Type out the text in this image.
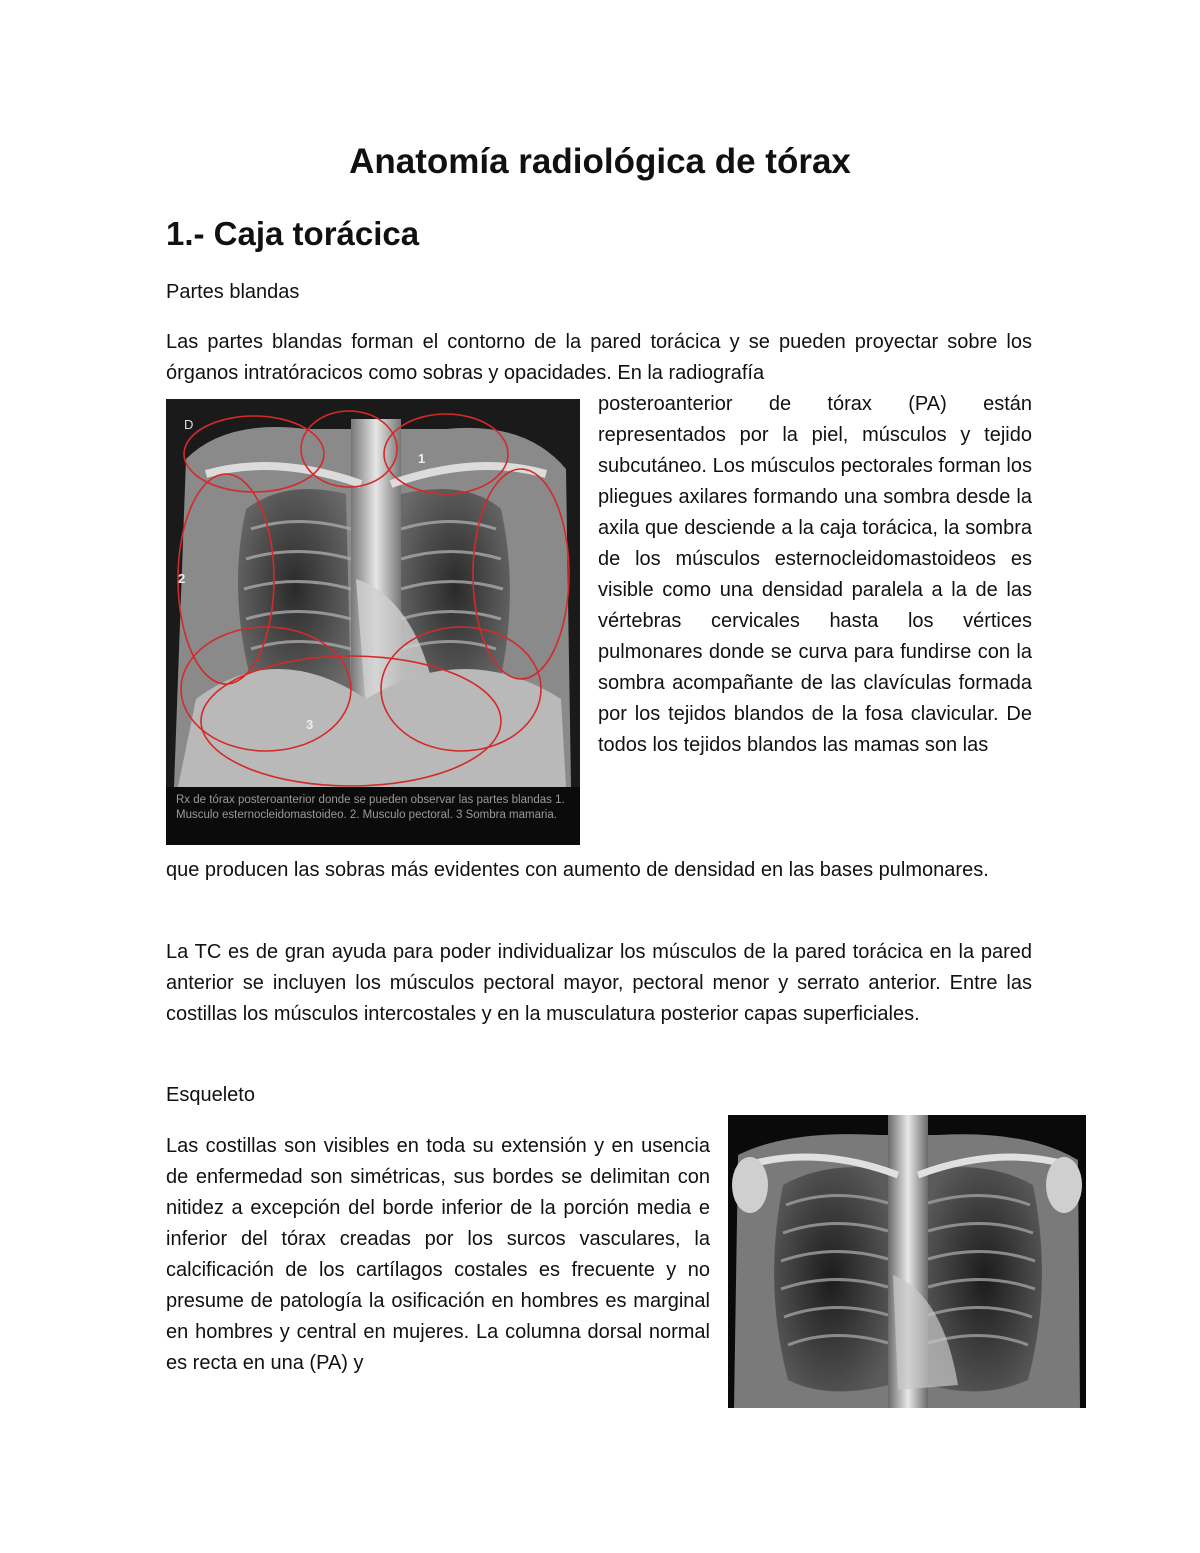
Anatomía radiológica de tórax
1.- Caja torácica

Partes blandas

Las partes blandas forman el contorno de la pared torácica y se pueden proyectar sobre los órganos intratóracicos como sobras y opacidades. En la radiografía

D
1
2
3
Rx de tórax posteroanterior donde se pueden observar las partes blandas 1. Musculo esternocleidomastoideo. 2. Musculo pectoral. 3 Sombra mamaria.

posteroanterior de tórax (PA) están representados por la piel, músculos y tejido subcutáneo. Los músculos pectorales forman los pliegues axilares formando una sombra desde la axila que desciende a la caja torácica, la sombra de los músculos esternocleidomastoideos es visible como una densidad paralela a la de las vértebras cervicales hasta los vértices pulmonares donde se curva para fundirse con la sombra acompañante de las clavículas formada por los tejidos blandos de la fosa clavicular. De todos los tejidos blandos las mamas son las

que producen las sobras más evidentes con aumento de densidad en las bases pulmonares.

La TC es de gran ayuda para poder individualizar los músculos de la pared torácica en la pared anterior se incluyen los músculos pectoral mayor, pectoral menor y serrato anterior. Entre las costillas los músculos intercostales y en la musculatura posterior capas superficiales.

Esqueleto

Las costillas son visibles en toda su extensión y en usencia de enfermedad son simétricas, sus bordes se delimitan con nitidez a excepción del borde inferior de la porción media e inferior del tórax creadas por los surcos vasculares, la calcificación de los cartílagos costales es frecuente y no presume de patología la osificación en hombres es marginal en hombres y central en mujeres. La columna dorsal normal es recta en una (PA) y
